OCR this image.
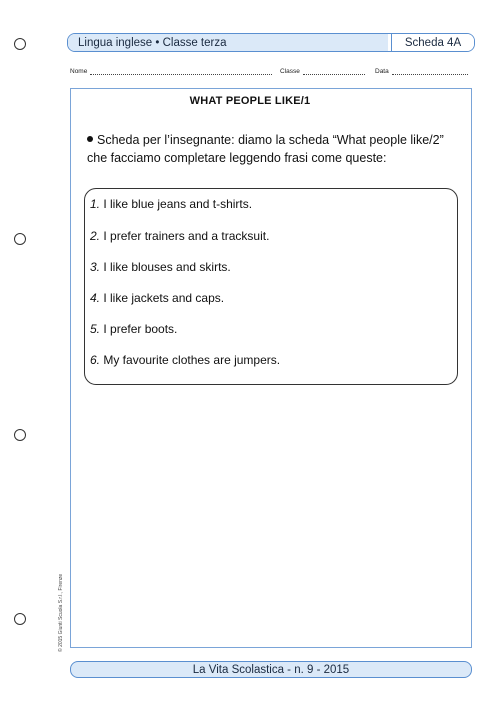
Lingua inglese • Classe terza	Scheda 4A
Nome	Classe	Data
WHAT PEOPLE LIKE/1
Scheda per l’insegnante: diamo la scheda “What people like/2” che facciamo completare leggendo frasi come queste:
1. I like blue jeans and t-shirts.
2. I prefer trainers and a tracksuit.
3. I like blouses and skirts.
4. I like jackets and caps.
5. I prefer boots.
6. My favourite clothes are jumpers.
© 2015 Giunti Scuola S.r.l., Firenze
La Vita Scolastica - n. 9 - 2015
